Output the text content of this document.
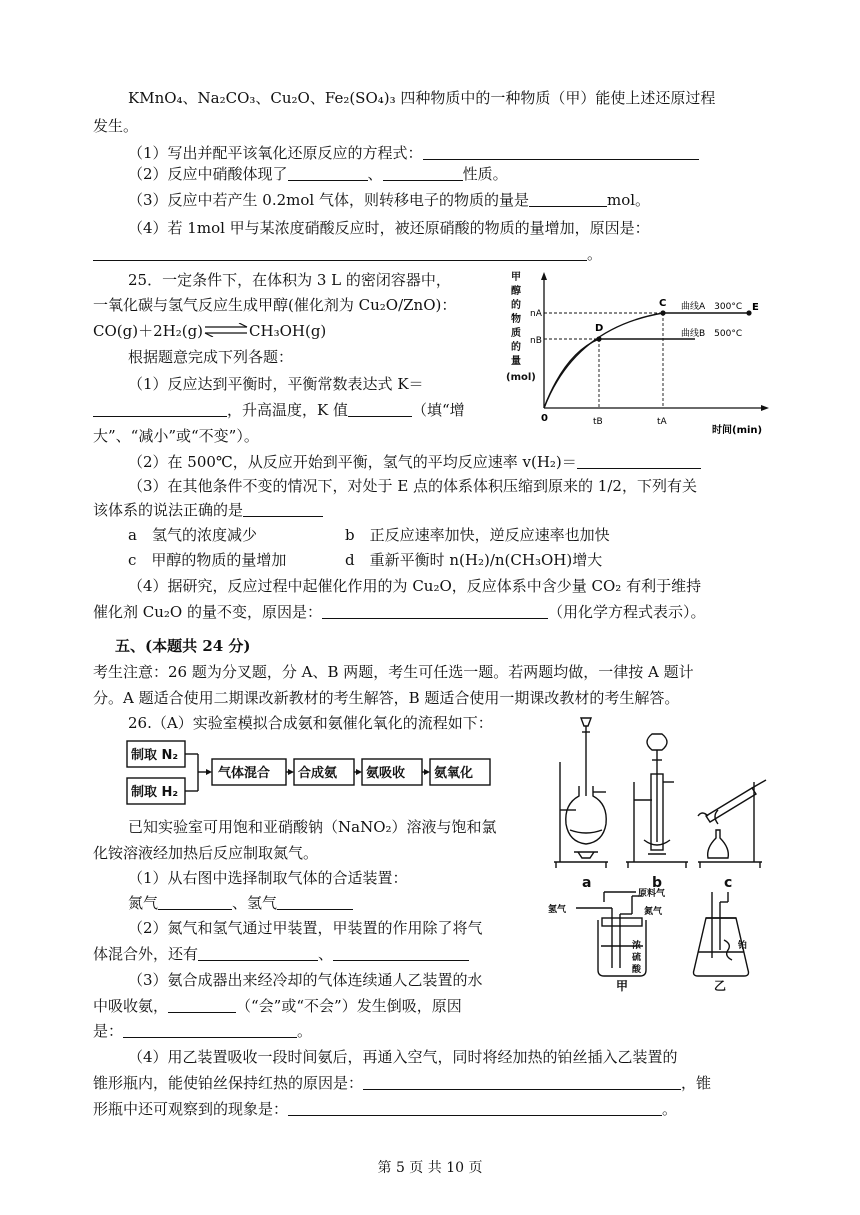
KMnO₄、Na₂CO₃、Cu₂O、Fe₂(SO₄)₃ 四种物质中的一种物质（甲）能使上述还原过程
发生。
（1）写出并配平该氧化还原反应的方程式：
（2）反应中硝酸体现了	、	性质。
（3）反应中若产生 0.2mol 气体，则转移电子的物质的量是	mol。
（4）若 1mol 甲与某浓度硝酸反应时，被还原硝酸的物质的量增加，原因是：
。
25．一定条件下，在体积为 3 L 的密闭容器中，
一氧化碳与氢气反应生成甲醇(催化剂为 Cu₂O/ZnO)：
CO(g)＋2H₂(g)⇌CH₃OH(g)
根据题意完成下列各题：
（1）反应达到平衡时，平衡常数表达式 K＝
，升高温度，K 值	（填“增
大”、“减小”或“不变”）。
（2）在 500℃，从反应开始到平衡，氢气的平均反应速率 v(H₂)＝
（3）在其他条件不变的情况下，对处于 E 点的体系体积压缩到原来的 1/2，下列有关
该体系的说法正确的是
a　氢气的浓度减少	b　正反应速率加快，逆反应速率也加快
c　甲醇的物质的量增加	d　重新平衡时 n(H₂)/n(CH₃OH)增大
（4）据研究，反应过程中起催化作用的为 Cu₂O，反应体系中含少量 CO₂ 有利于维持
催化剂 Cu₂O 的量不变，原因是：	（用化学方程式表示）。
甲
醇
的
物
质
的
量
(mol)
0
nA
nB
tB	tA
时间(min)
D
C	E
曲线A　300°C
曲线B　500°C
五、(本题共 24 分)
考生注意：26 题为分叉题，分 A、B 两题，考生可任选一题。若两题均做，一律按 A 题计
分。A 题适合使用二期课改新教材的考生解答，B 题适合使用一期课改教材的考生解答。
26.（A）实验室模拟合成氨和氨催化氧化的流程如下：
制取 N₂
制取 H₂
气体混合 合成氨 氨吸收 氨氧化
已知实验室可用饱和亚硝酸钠（NaNO₂）溶液与饱和氯
化铵溶液经加热后反应制取氮气。
（1）从右图中选择制取气体的合适装置：
氮气	、氢气
（2）氮气和氢气通过甲装置，甲装置的作用除了将气
体混合外，还有	、
（3）氨合成器出来经冷却的气体连续通人乙装置的水
中吸收氨，	（“会”或“不会”）发生倒吸，原因
是：	。
（4）用乙装置吸收一段时间氨后，再通入空气，同时将经加热的铂丝插入乙装置的
锥形瓶内，能使铂丝保持红热的原因是：	，锥
形瓶中还可观察到的现象是：	。
a	b	c
原料气
氢气	氮气
浓
硫
酸
铂
甲	乙
第 5 页 共 10 页
